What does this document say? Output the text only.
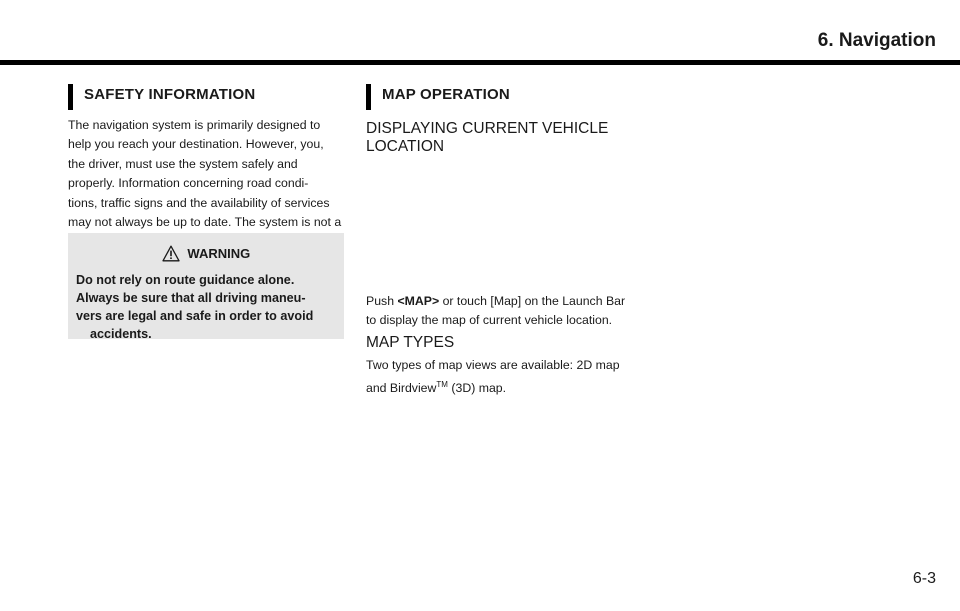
6. Navigation
SAFETY INFORMATION
The navigation system is primarily designed to
help you reach your destination. However, you,
the driver, must use the system safely and
properly. Information concerning road condi-
tions, traffic signs and the availability of services
may not always be up to date. The system is not a
WARNING
Do not rely on route guidance alone.
Always be sure that all driving maneu-
vers are legal and safe in order to avoid
accidents.
MAP OPERATION
DISPLAYING CURRENT VEHICLE
LOCATION
Push <MAP> or touch [Map] on the Launch Bar
to display the map of current vehicle location.
MAP TYPES
Two types of map views are available: 2D map
and Birdview™ (3D) map.
6-3
